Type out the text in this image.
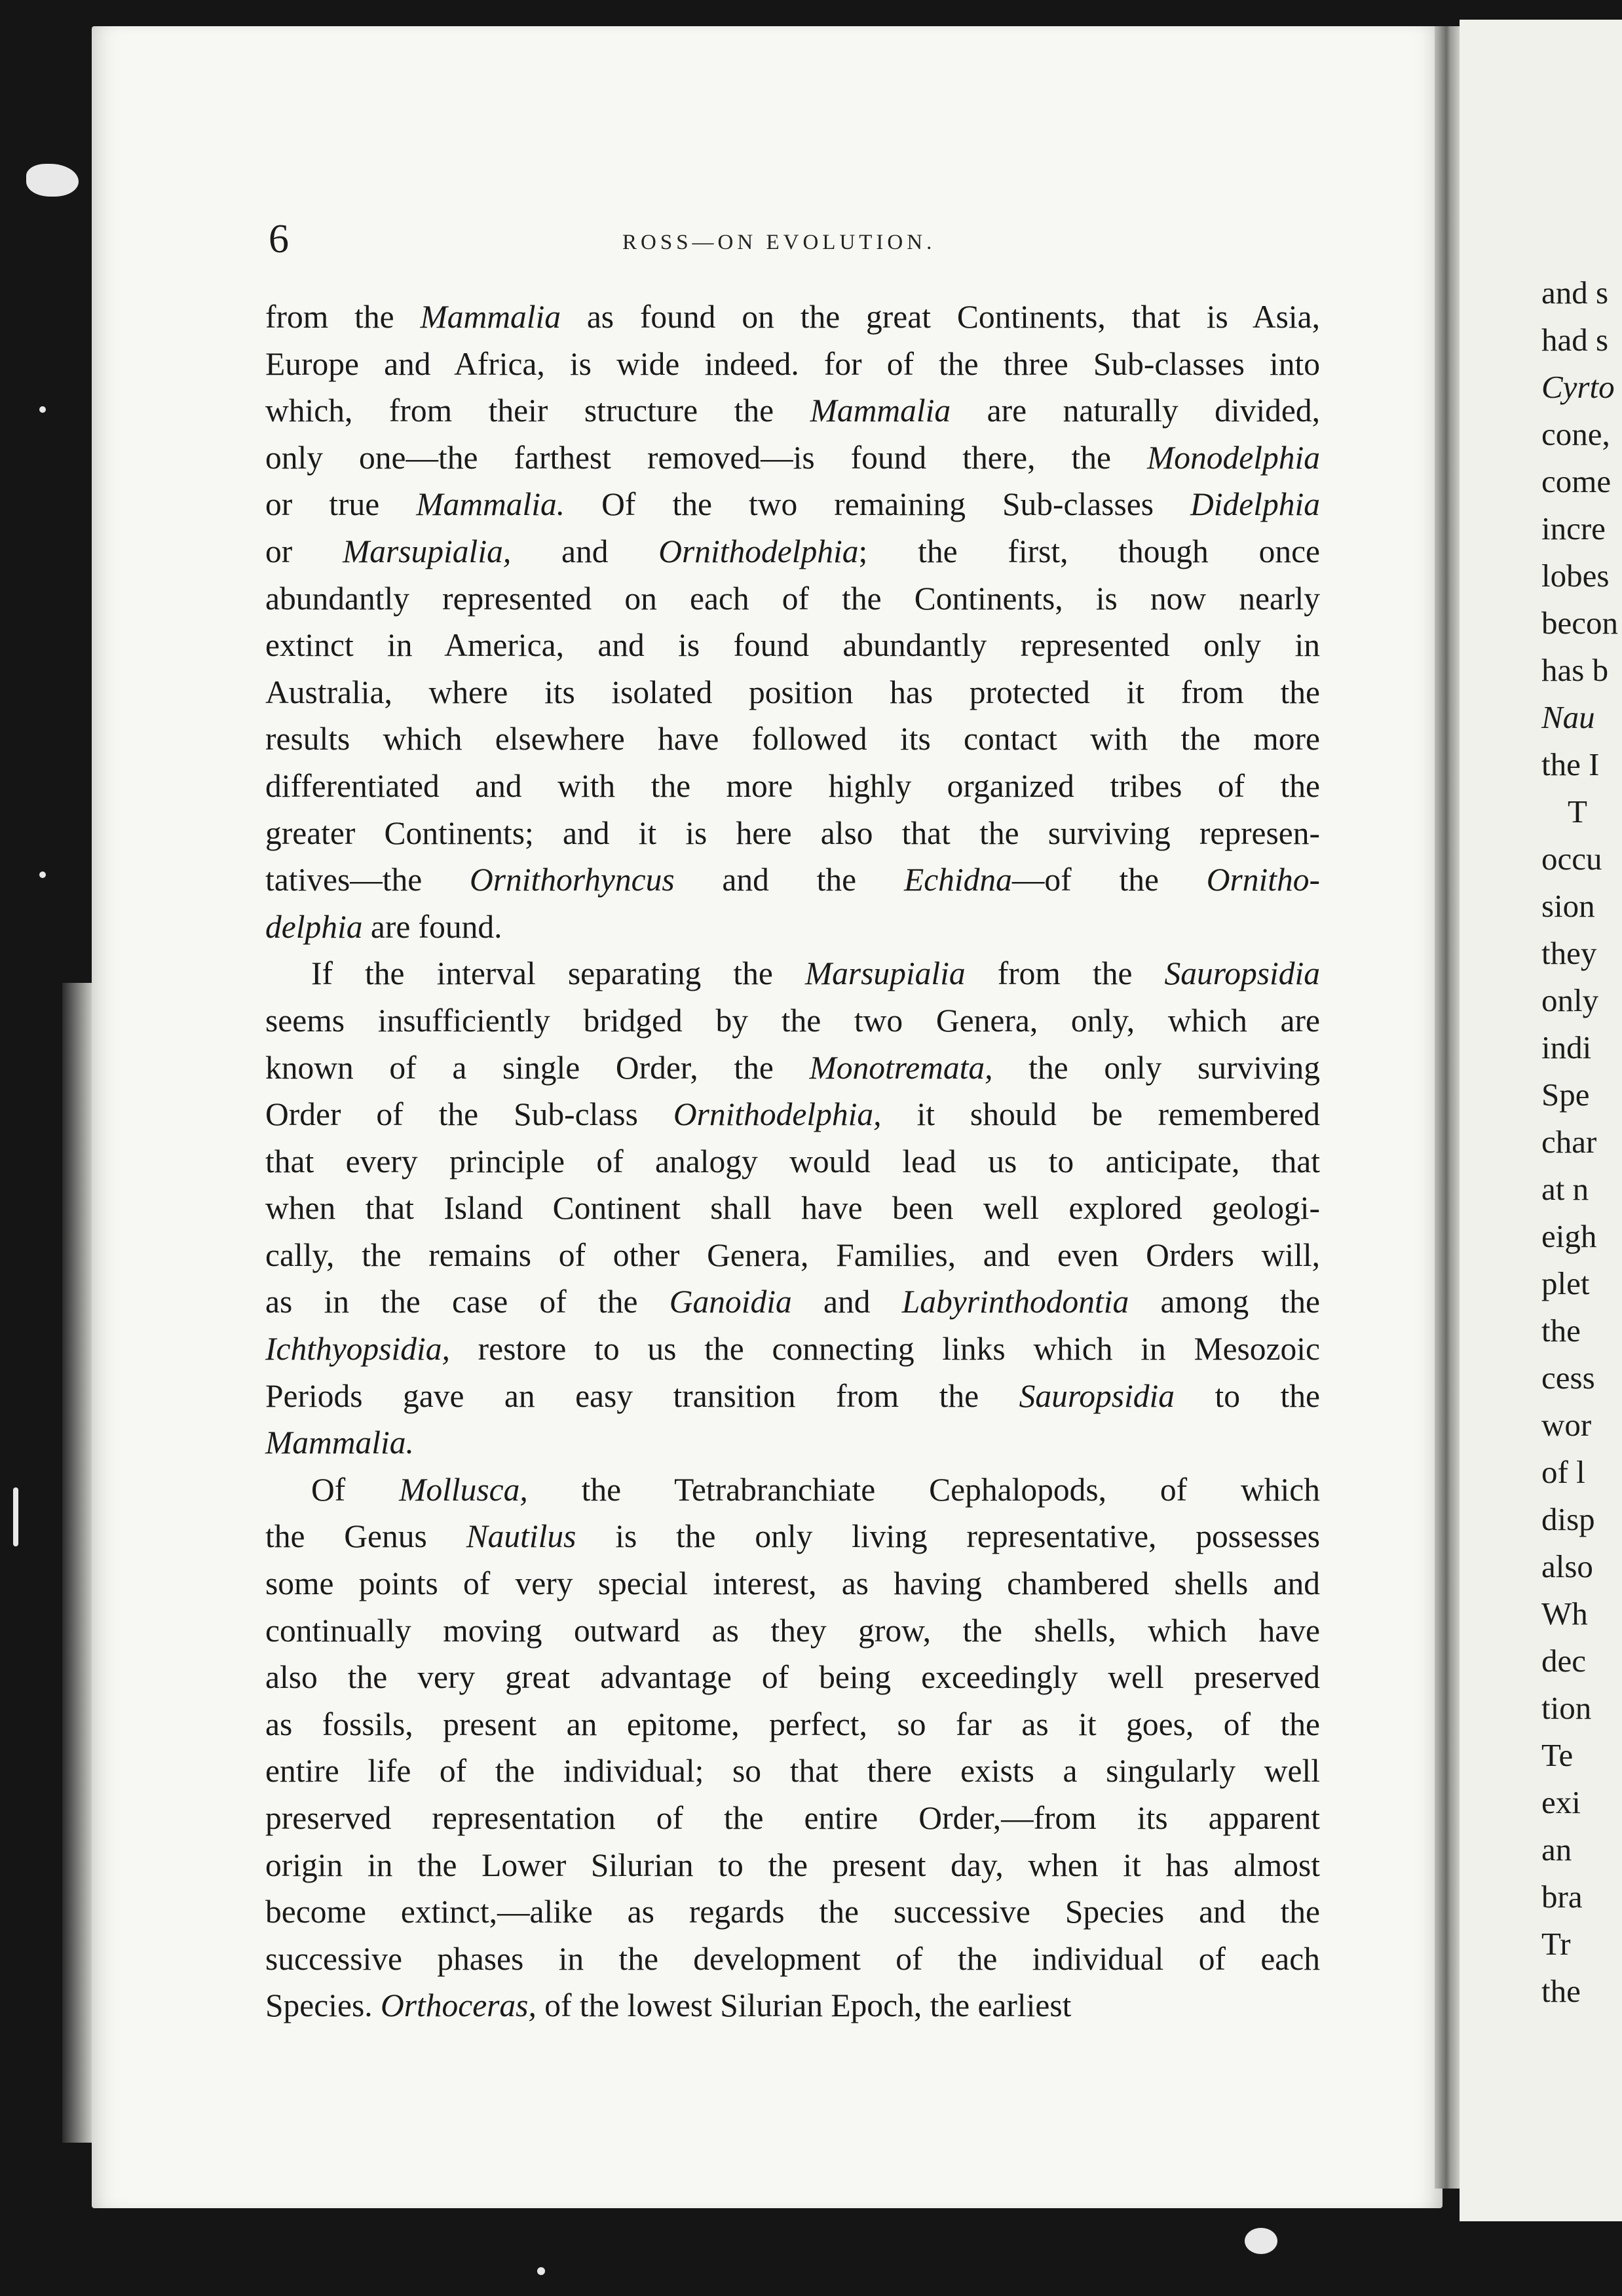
and s
had s
Cyrto
cone,
come
incre
lobes
becon
has b
Nau
the I
T
occu
sion
they
only
indi
Spe
char
at n
eigh
plet
the
cess
wor
of l
disp
also
Wh
dec
tion
Te
exi
an
bra
Tr
the
6	ROSS—ON EVOLUTION.
from the Mammalia as found on the great Continents, that is Asia,
Europe and Africa, is wide indeed. for of the three Sub-classes into
which, from their structure the Mammalia are naturally divided,
only one—the farthest removed—is found there, the Monodelphia
or true Mammalia. Of the two remaining Sub-classes Didelphia
or Marsupialia, and Ornithodelphia; the first, though once
abundantly represented on each of the Continents, is now nearly
extinct in America, and is found abundantly represented only in
Australia, where its isolated position has protected it from the
results which elsewhere have followed its contact with the more
differentiated and with the more highly organized tribes of the
greater Continents; and it is here also that the surviving represen-
tatives—the Ornithorhyncus and the Echidna—of the Ornitho-
delphia are found.
If the interval separating the Marsupialia from the Sauropsidia
seems insufficiently bridged by the two Genera, only, which are
known of a single Order, the Monotremata, the only surviving
Order of the Sub-class Ornithodelphia, it should be remembered
that every principle of analogy would lead us to anticipate, that
when that Island Continent shall have been well explored geologi-
cally, the remains of other Genera, Families, and even Orders will,
as in the case of the Ganoidia and Labyrinthodontia among the
Ichthyopsidia, restore to us the connecting links which in Mesozoic
Periods gave an easy transition from the Sauropsidia to the
Mammalia.
Of Mollusca, the Tetrabranchiate Cephalopods, of which
the Genus Nautilus is the only living representative, possesses
some points of very special interest, as having chambered shells and
continually moving outward as they grow, the shells, which have
also the very great advantage of being exceedingly well preserved
as fossils, present an epitome, perfect, so far as it goes, of the
entire life of the individual; so that there exists a singularly well
preserved representation of the entire Order,—from its apparent
origin in the Lower Silurian to the present day, when it has almost
become extinct,—alike as regards the successive Species and the
successive phases in the development of the individual of each
Species. Orthoceras, of the lowest Silurian Epoch, the earliest
